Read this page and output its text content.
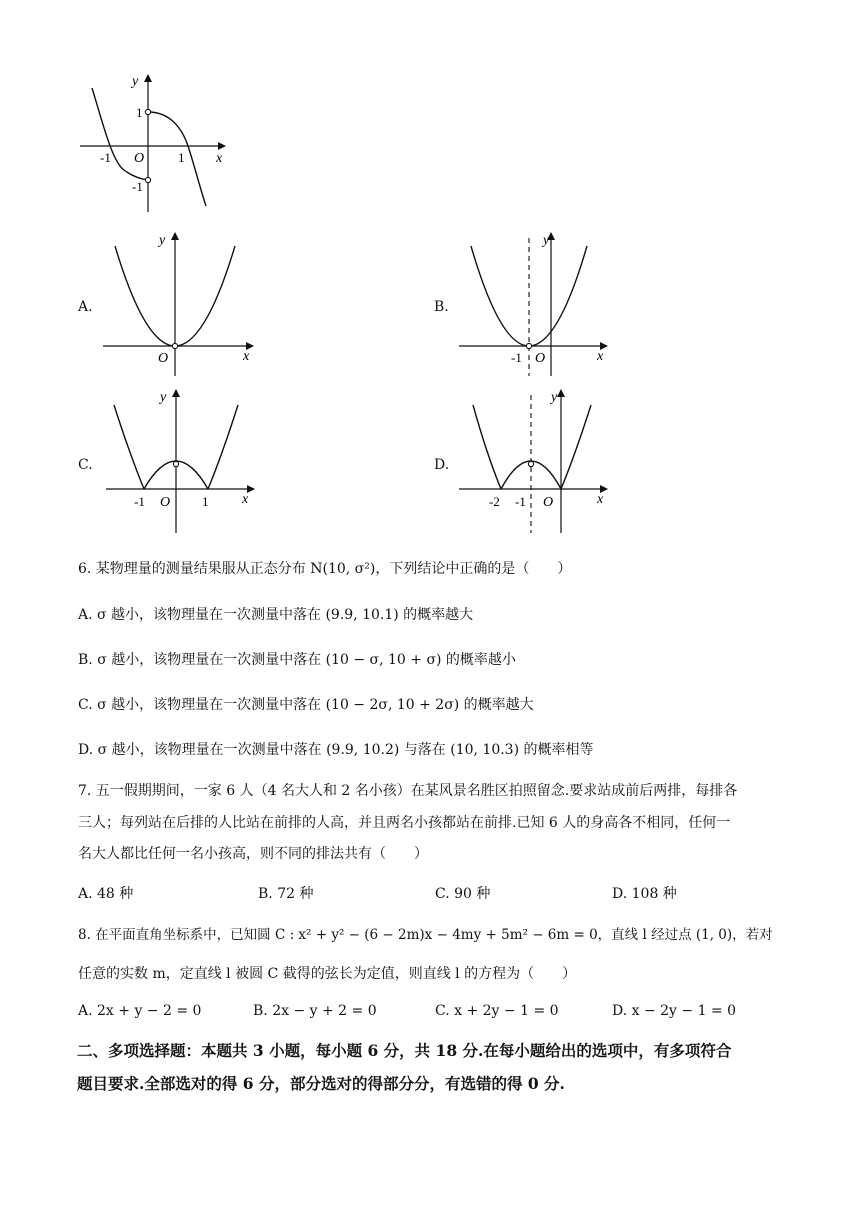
y
x
O
1
-1	1
-1
A.
y
x
O
B.
y
x
-1 O
C.
y
x
-1 O 1
D.
y
x
-2 -1 O
6. 某物理量的测量结果服从正态分布 N(10, σ²)，下列结论中正确的是（　　）
A. σ 越小，该物理量在一次测量中落在 (9.9, 10.1) 的概率越大
B. σ 越小，该物理量在一次测量中落在 (10 − σ, 10 + σ) 的概率越小
C. σ 越小，该物理量在一次测量中落在 (10 − 2σ, 10 + 2σ) 的概率越大
D. σ 越小，该物理量在一次测量中落在 (9.9, 10.2) 与落在 (10, 10.3) 的概率相等
7. 五一假期期间，一家 6 人（4 名大人和 2 名小孩）在某风景名胜区拍照留念.要求站成前后两排，每排各
三人；每列站在后排的人比站在前排的人高，并且两名小孩都站在前排.已知 6 人的身高各不相同，任何一
名大人都比任何一名小孩高，则不同的排法共有（　　）
A. 48 种	B. 72 种	C. 90 种	D. 108 种
8. 在平面直角坐标系中，已知圆 C : x² + y² − (6 − 2m)x − 4my + 5m² − 6m = 0，直线 l 经过点 (1, 0)，若对
任意的实数 m，定直线 l 被圆 C 截得的弦长为定值，则直线 l 的方程为（　　）
A. 2x + y − 2 = 0	B. 2x − y + 2 = 0	C. x + 2y − 1 = 0	D. x − 2y − 1 = 0
二、多项选择题：本题共 3 小题，每小题 6 分，共 18 分.在每小题给出的选项中，有多项符合
题目要求.全部选对的得 6 分，部分选对的得部分分，有选错的得 0 分.
